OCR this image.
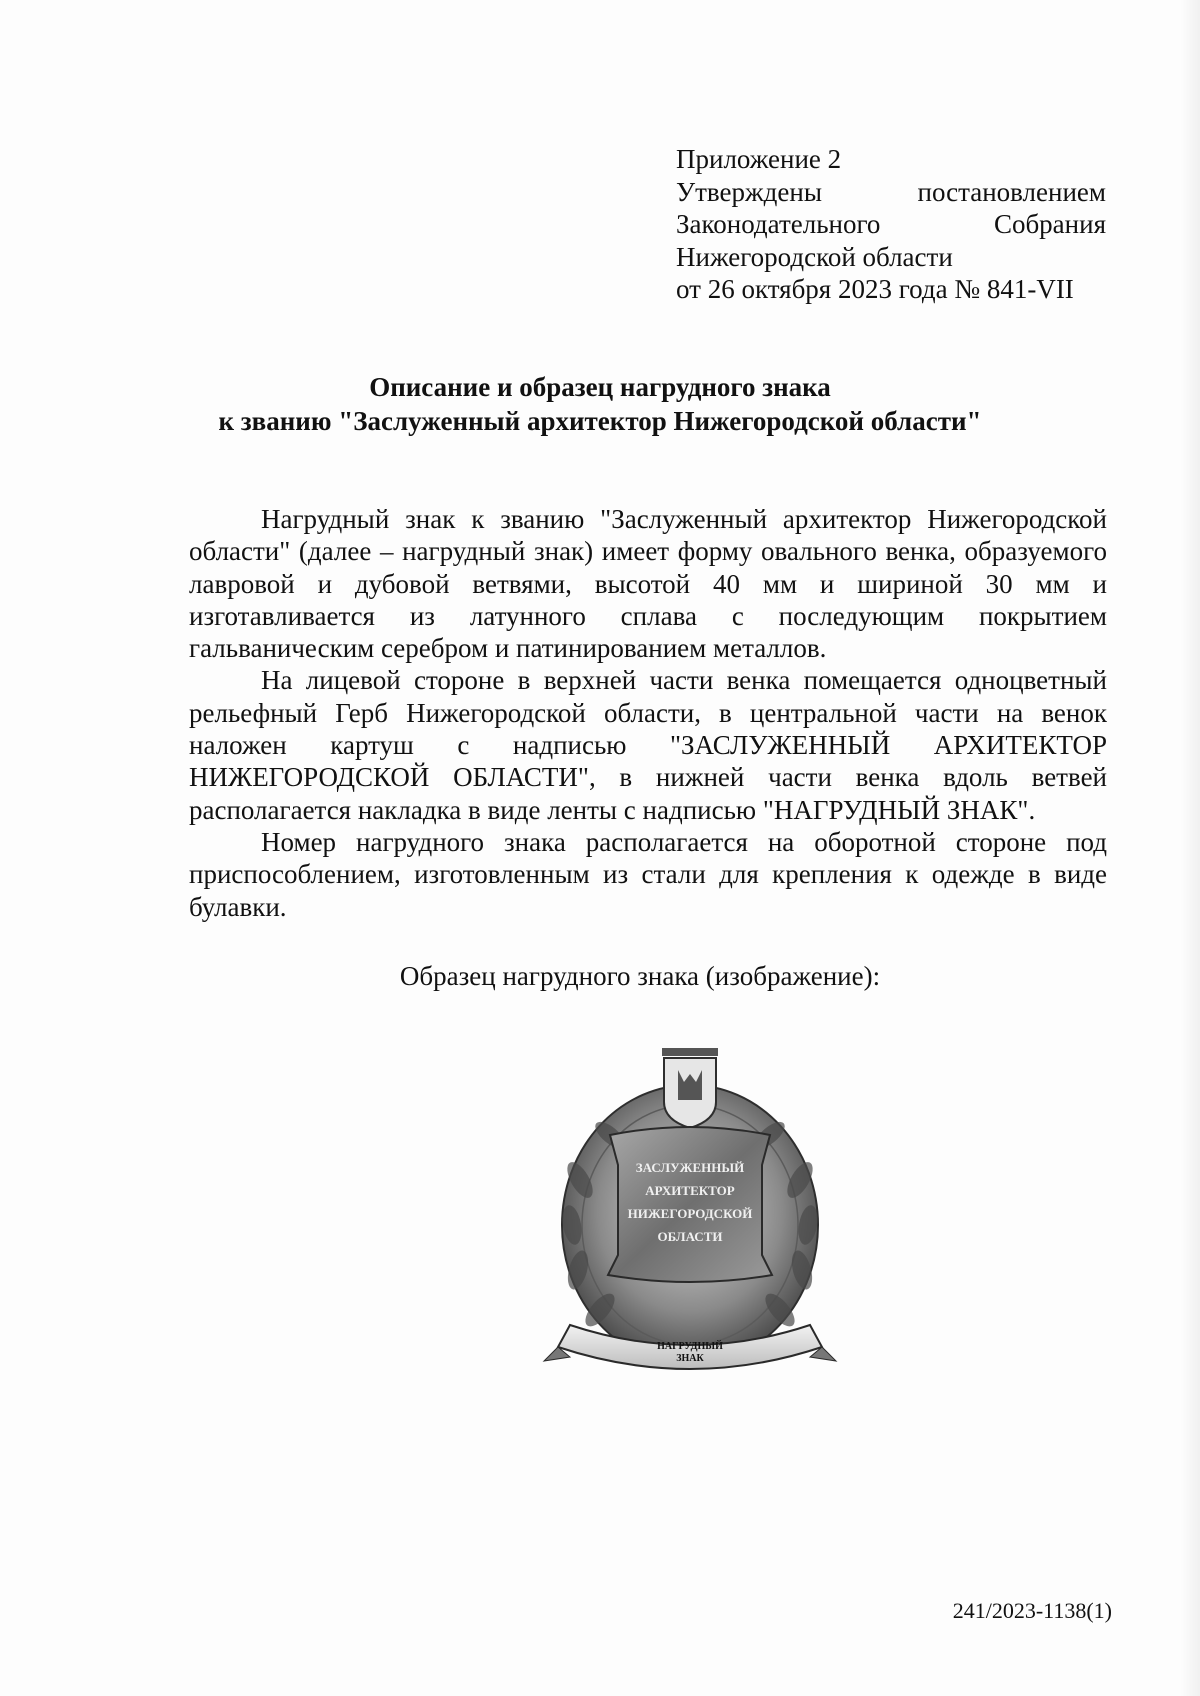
Приложение 2
Утверждены	постановлением
Законодательного	Собрания
Нижегородской области
от 26 октября 2023 года № 841-VII
Описание и образец нагрудного знака
к званию "Заслуженный архитектор Нижегородской области"

Нагрудный знак к званию "Заслуженный архитектор Нижегородской области" (далее – нагрудный знак) имеет форму овального венка, образуемого лавровой и дубовой ветвями, высотой 40 мм и шириной 30 мм и изготавливается из латунного сплава с последующим покрытием гальваническим серебром и патинированием металлов.

На лицевой стороне в верхней части венка помещается одноцветный рельефный Герб Нижегородской области, в центральной части на венок наложен картуш с надписью "ЗАСЛУЖЕННЫЙ АРХИТЕКТОР НИЖЕГОРОДСКОЙ ОБЛАСТИ", в нижней части венка вдоль ветвей располагается накладка в виде ленты с надписью "НАГРУДНЫЙ ЗНАК".

Номер нагрудного знака располагается на оборотной стороне под приспособлением, изготовленным из стали для крепления к одежде в виде булавки.

Образец нагрудного знака (изображение):
ЗАСЛУЖЕННЫЙ
АРХИТЕКТОР
НИЖЕГОРОДСКОЙ
ОБЛАСТИ
НАГРУДНЫЙ
ЗНАК
241/2023-1138(1)
